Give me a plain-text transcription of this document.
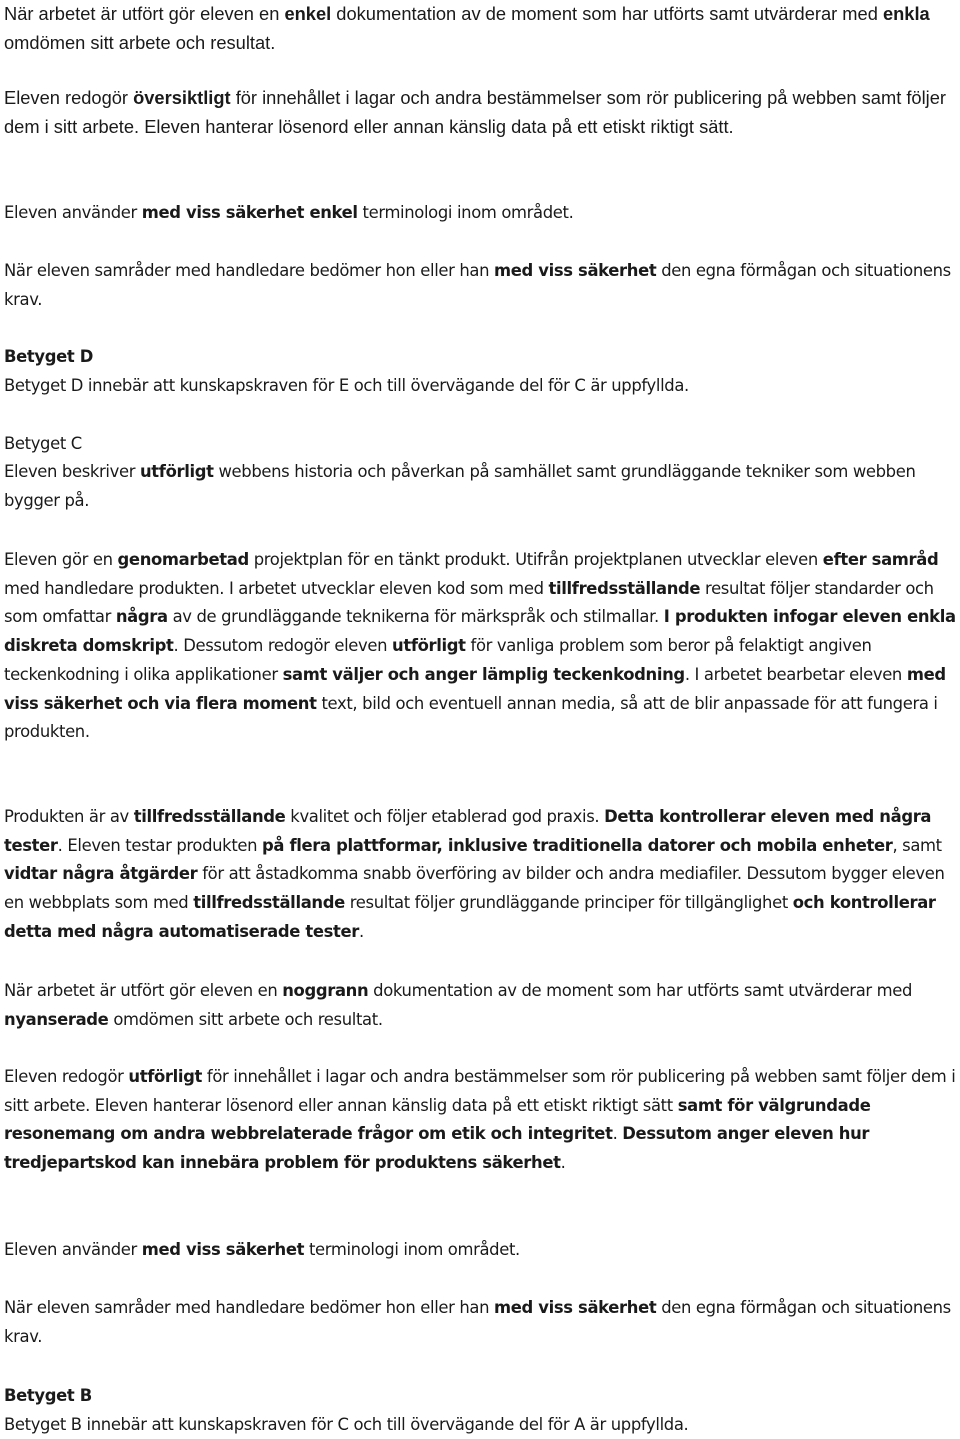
När arbetet är utfört gör eleven en enkel dokumentation av de moment som har utförts samt utvärderar med enkla omdömen sitt arbete och resultat.

Eleven redogör översiktligt för innehållet i lagar och andra bestämmelser som rör publicering på webben samt följer dem i sitt arbete. Eleven hanterar lösenord eller annan känslig data på ett etiskt riktigt sätt.

Eleven använder med viss säkerhet enkel terminologi inom området.

När eleven samråder med handledare bedömer hon eller han med viss säkerhet den egna förmågan och situationens krav.

Betyget D
Betyget D innebär att kunskapskraven för E och till övervägande del för C är uppfyllda.
Betyget C

Eleven beskriver utförligt webbens historia och påverkan på samhället samt grundläggande tekniker som webben bygger på.

Eleven gör en genomarbetad projektplan för en tänkt produkt. Utifrån projektplanen utvecklar eleven efter samråd med handledare produkten. I arbetet utvecklar eleven kod som med tillfredsställande resultat följer standarder och som omfattar några av de grundläggande teknikerna för märkspråk och stilmallar. I produkten infogar eleven enkla diskreta domskript. Dessutom redogör eleven utförligt för vanliga problem som beror på felaktigt angiven teckenkodning i olika applikationer samt väljer och anger lämplig teckenkodning. I arbetet bearbetar eleven med viss säkerhet och via flera moment text, bild och eventuell annan media, så att de blir anpassade för att fungera i produkten.

Produkten är av tillfredsställande kvalitet och följer etablerad god praxis. Detta kontrollerar eleven med några tester. Eleven testar produkten på flera plattformar, inklusive traditionella datorer och mobila enheter, samt vidtar några åtgärder för att åstadkomma snabb överföring av bilder och andra mediafiler. Dessutom bygger eleven en webbplats som med tillfredsställande resultat följer grundläggande principer för tillgänglighet och kontrollerar detta med några automatiserade tester.

När arbetet är utfört gör eleven en noggrann dokumentation av de moment som har utförts samt utvärderar med nyanserade omdömen sitt arbete och resultat.

Eleven redogör utförligt för innehållet i lagar och andra bestämmelser som rör publicering på webben samt följer dem i sitt arbete. Eleven hanterar lösenord eller annan känslig data på ett etiskt riktigt sätt samt för välgrundade resonemang om andra webbrelaterade frågor om etik och integritet. Dessutom anger eleven hur tredjepartskod kan innebära problem för produktens säkerhet.

Eleven använder med viss säkerhet terminologi inom området.

När eleven samråder med handledare bedömer hon eller han med viss säkerhet den egna förmågan och situationens krav.

Betyget B
Betyget B innebär att kunskapskraven för C och till övervägande del för A är uppfyllda.
